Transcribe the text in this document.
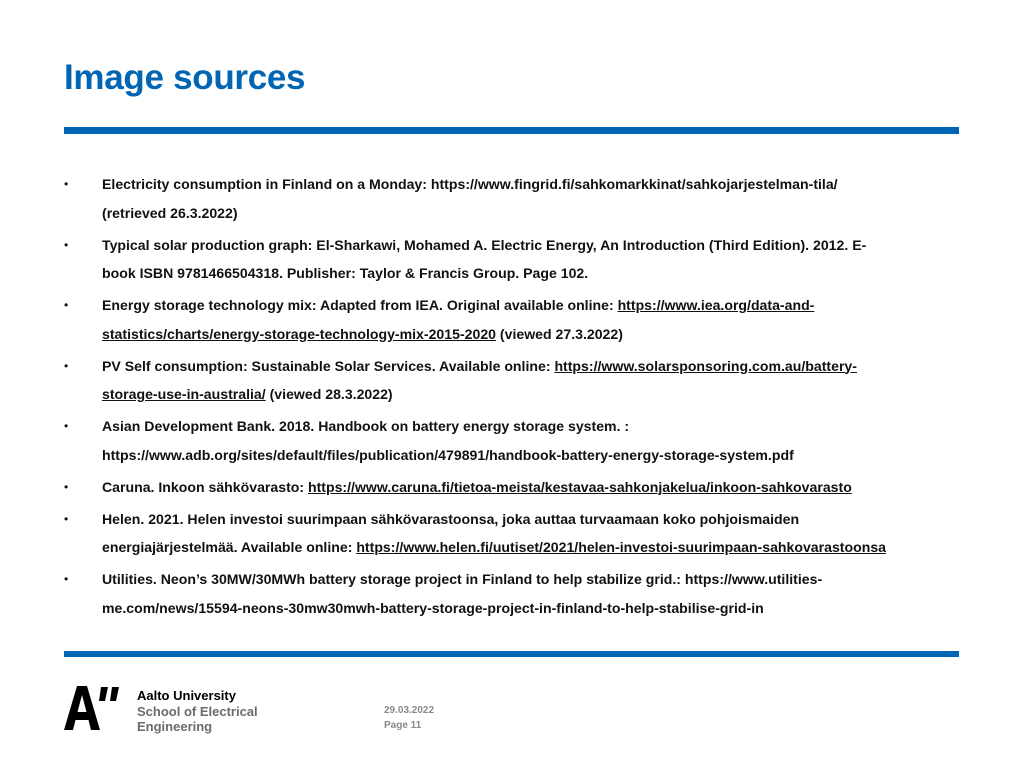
Image sources
• Electricity consumption in Finland on a Monday: https://www.fingrid.fi/sahkomarkkinat/sahkojarjestelman-tila/
(retrieved 26.3.2022)
• Typical solar production graph: El-Sharkawi, Mohamed A. Electric Energy, An Introduction (Third Edition). 2012. E-
book ISBN 9781466504318. Publisher: Taylor & Francis Group. Page 102.
• Energy storage technology mix: Adapted from IEA. Original available online: https://www.iea.org/data-and-
statistics/charts/energy-storage-technology-mix-2015-2020 (viewed 27.3.2022)
• PV Self consumption: Sustainable Solar Services. Available online: https://www.solarsponsoring.com.au/battery-
storage-use-in-australia/ (viewed 28.3.2022)
• Asian Development Bank. 2018. Handbook on battery energy storage system. :
https://www.adb.org/sites/default/files/publication/479891/handbook-battery-energy-storage-system.pdf
• Caruna. Inkoon sähkövarasto: https://www.caruna.fi/tietoa-meista/kestavaa-sahkonjakelua/inkoon-sahkovarasto
• Helen. 2021. Helen investoi suurimpaan sähkövarastoonsa, joka auttaa turvaamaan koko pohjoismaiden
energiajärjestelmää. Available online: https://www.helen.fi/uutiset/2021/helen-investoi-suurimpaan-sahkovarastoonsa
• Utilities. Neon’s 30MW/30MWh battery storage project in Finland to help stabilize grid.: https://www.utilities-
me.com/news/15594-neons-30mw30mwh-battery-storage-project-in-finland-to-help-stabilise-grid-in
Aalto University
School of Electrical
Engineering
29.03.2022
Page 11
